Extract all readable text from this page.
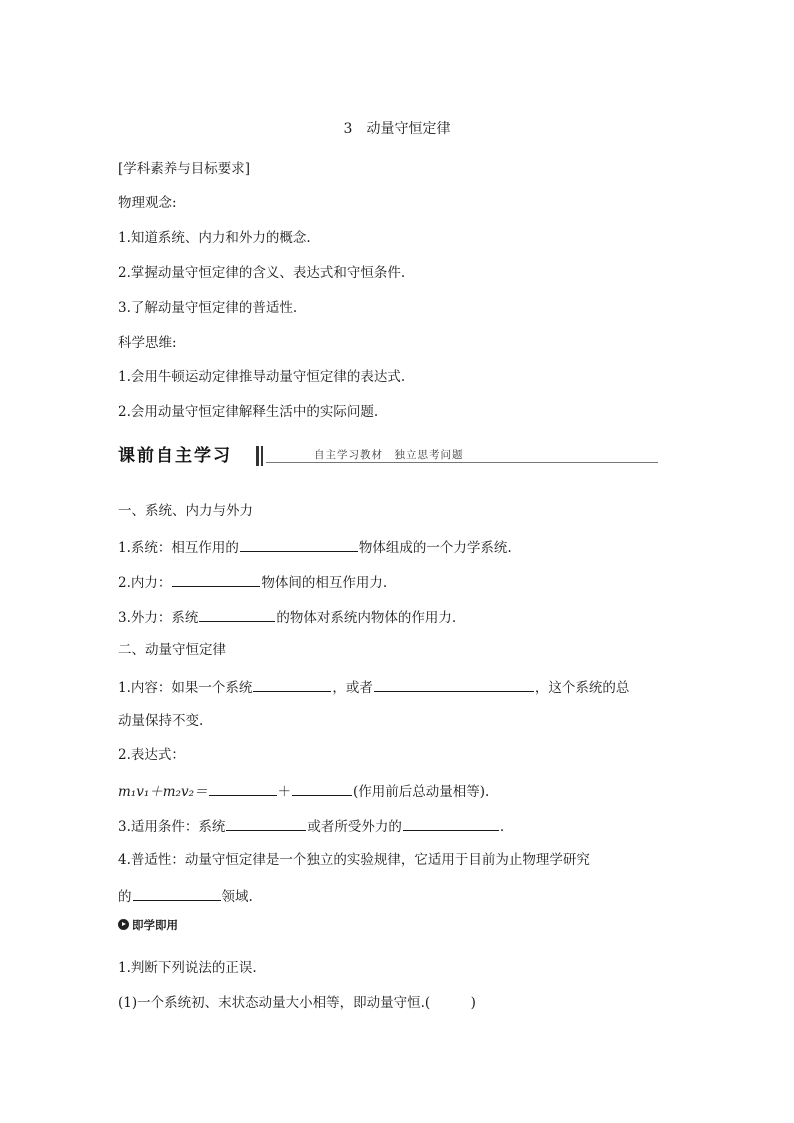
3 动量守恒定律
[学科素养与目标要求]
物理观念:
1.知道系统、内力和外力的概念.
2.掌握动量守恒定律的含义、表达式和守恒条件.
3.了解动量守恒定律的普适性.
科学思维:
1.会用牛顿运动定律推导动量守恒定律的表达式.
2.会用动量守恒定律解释生活中的实际问题.
课前自主学习	自主学习教材　独立思考问题
一、系统、内力与外力
1.系统：相互作用的	物体组成的一个力学系统.
2.内力：	物体间的相互作用力.
3.外力：系统	的物体对系统内物体的作用力.
二、动量守恒定律
1.内容：如果一个系统	，或者	，这个系统的总
动量保持不变.
2.表达式：
m₁v₁＋m₂v₂＝	＋	(作用前后总动量相等).
3.适用条件：系统	或者所受外力的	.
4.普适性：动量守恒定律是一个独立的实验规律，它适用于目前为止物理学研究
的	领域.
即学即用
1.判断下列说法的正误.
(1)一个系统初、末状态动量大小相等，即动量守恒.(　　　)
